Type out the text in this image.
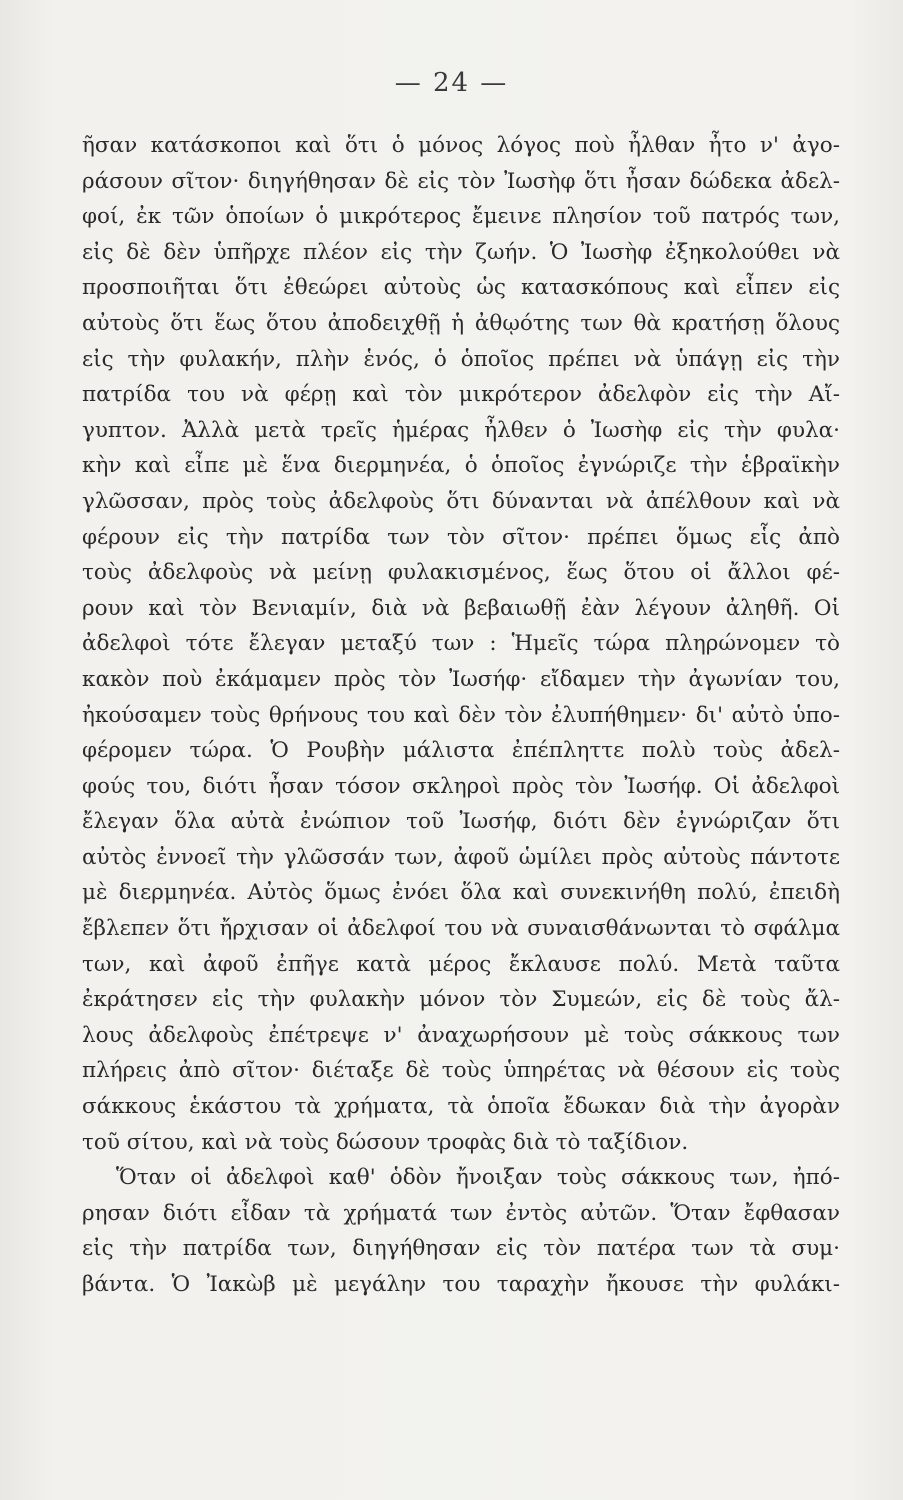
— 24 —
ῆσαν κατάσκοποι καὶ ὅτι ὁ μόνος λόγος ποὺ ἦλθαν ἦτο ν' ἀγο-
ράσουν σῖτον· διηγήθησαν δὲ εἰς τὸν Ἰωσὴφ ὅτι ἦσαν δώδεκα ἀδελ-
φοί, ἐκ τῶν ὁποίων ὁ μικρότερος ἔμεινε πλησίον τοῦ πατρός των,
εἰς δὲ δὲν ὑπῆρχε πλέον εἰς τὴν ζωήν. Ὁ Ἰωσὴφ ἐξηκολούθει νὰ
προσποιῆται ὅτι ἐθεώρει αὐτοὺς ὡς κατασκόπους καὶ εἶπεν εἰς
αὐτοὺς ὅτι ἕως ὅτου ἀποδειχθῇ ἡ ἀθῳότης των θὰ κρατήσῃ ὅλους
εἰς τὴν φυλακήν, πλὴν ἑνός, ὁ ὁποῖος πρέπει νὰ ὑπάγῃ εἰς τὴν
πατρίδα του νὰ φέρῃ καὶ τὸν μικρότερον ἀδελφὸν εἰς τὴν Αἴ-
γυπτον. Ἀλλὰ μετὰ τρεῖς ἡμέρας ἦλθεν ὁ Ἰωσὴφ εἰς τὴν φυλα·
κὴν καὶ εἶπε μὲ ἕνα διερμηνέα, ὁ ὁποῖος ἐγνώριζε τὴν ἑβραϊκὴν
γλῶσσαν, πρὸς τοὺς ἀδελφοὺς ὅτι δύνανται νὰ ἀπέλθουν καὶ νὰ
φέρουν εἰς τὴν πατρίδα των τὸν σῖτον· πρέπει ὅμως εἷς ἀπὸ
τοὺς ἀδελφοὺς νὰ μείνῃ φυλακισμένος, ἕως ὅτου οἱ ἄλλοι φέ-
ρουν καὶ τὸν Βενιαμίν, διὰ νὰ βεβαιωθῇ ἐὰν λέγουν ἀληθῆ. Οἱ
ἀδελφοὶ τότε ἔλεγαν μεταξύ των : Ἡμεῖς τώρα πληρώνομεν τὸ
κακὸν ποὺ ἐκάμαμεν πρὸς τὸν Ἰωσήφ· εἴδαμεν τὴν ἀγωνίαν του,
ἠκούσαμεν τοὺς θρήνους του καὶ δὲν τὸν ἐλυπήθημεν· δι' αὐτὸ ὑπο-
φέρομεν τώρα. Ὁ Ρουβὴν μάλιστα ἐπέπληττε πολὺ τοὺς ἀδελ-
φούς του, διότι ἦσαν τόσον σκληροὶ πρὸς τὸν Ἰωσήφ. Οἱ ἀδελφοὶ
ἔλεγαν ὅλα αὐτὰ ἐνώπιον τοῦ Ἰωσήφ, διότι δὲν ἐγνώριζαν ὅτι
αὐτὸς ἐννοεῖ τὴν γλῶσσάν των, ἀφοῦ ὡμίλει πρὸς αὐτοὺς πάντοτε
μὲ διερμηνέα. Αὐτὸς ὅμως ἐνόει ὅλα καὶ συνεκινήθη πολύ, ἐπειδὴ
ἔβλεπεν ὅτι ἤρχισαν οἱ ἀδελφοί του νὰ συναισθάνωνται τὸ σφάλμα
των, καὶ ἀφοῦ ἐπῆγε κατὰ μέρος ἔκλαυσε πολύ. Μετὰ ταῦτα
ἐκράτησεν εἰς τὴν φυλακὴν μόνον τὸν Συμεών, εἰς δὲ τοὺς ἄλ-
λους ἀδελφοὺς ἐπέτρεψε ν' ἀναχωρήσουν μὲ τοὺς σάκκους των
πλήρεις ἀπὸ σῖτον· διέταξε δὲ τοὺς ὑπηρέτας νὰ θέσουν εἰς τοὺς
σάκκους ἑκάστου τὰ χρήματα, τὰ ὁποῖα ἔδωκαν διὰ τὴν ἀγορὰν
τοῦ σίτου, καὶ νὰ τοὺς δώσουν τροφὰς διὰ τὸ ταξίδιον.
Ὅταν οἱ ἀδελφοὶ καθ' ὁδὸν ἤνοιξαν τοὺς σάκκους των, ἠπό-
ρησαν διότι εἶδαν τὰ χρήματά των ἐντὸς αὐτῶν. Ὅταν ἔφθασαν
εἰς τὴν πατρίδα των, διηγήθησαν εἰς τὸν πατέρα των τὰ συμ·
βάντα. Ὁ Ἰακὼβ μὲ μεγάλην του ταραχὴν ἤκουσε τὴν φυλάκι-
